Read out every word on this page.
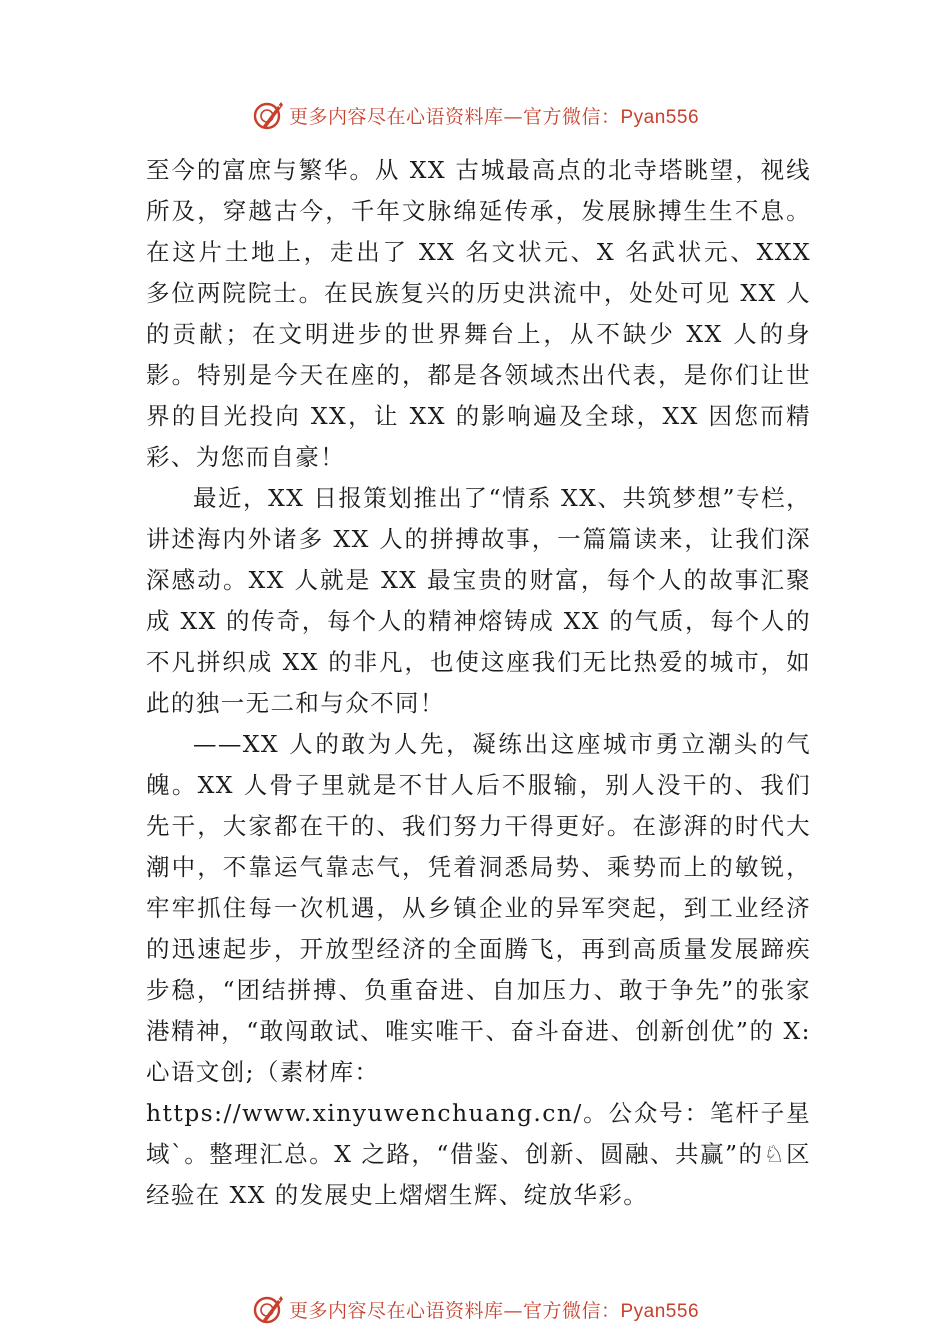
更多内容尽在心语资料库—官方微信：Pyan556

至今的富庶与繁华。从 XX 古城最高点的北寺塔眺望，视线所及，穿越古今，千年文脉绵延传承，发展脉搏生生不息。 在这片土地上，走出了 XX 名文状元、X 名武状元、XXX 多位两院院士。在民族复兴的历史洪流中，处处可见 XX 人的贡献；在文明进步的世界舞台上，从不缺少 XX 人的身影。特别是今天在座的，都是各领域杰出代表，是你们让世界的目光投向 XX，让 XX 的影响遍及全球，XX 因您而精彩、为您而自豪！

最近，XX 日报策划推出了“情系 XX、共筑梦想”专栏，讲述海内外诸多 XX 人的拼搏故事，一篇篇读来，让我们深深感动。XX 人就是 XX 最宝贵的财富，每个人的故事汇聚成 XX 的传奇，每个人的精神熔铸成 XX 的气质，每个人的不凡拼织成 XX 的非凡，也使这座我们无比热爱的城市，如此的独一无二和与众不同！

——XX 人的敢为人先，凝练出这座城市勇立潮头的气魄。XX 人骨子里就是不甘人后不服输，别人没干的、我们先干，大家都在干的、我们努力干得更好。在澎湃的时代大潮中，不靠运气靠志气，凭着洞悉局势、乘势而上的敏锐，牢牢抓住每一次机遇，从乡镇企业的异军突起，到工业经济的迅速起步，开放型经济的全面腾飞，再到高质量发展蹄疾步稳，“团结拼搏、负重奋进、自加压力、敢于争先”的张家港精神，“敢闯敢试、唯实唯干、奋斗奋进、创新创优”的 X:心语文创;（素材库：

https://www.xinyuwenchuang.cn/。公众号：笔杆子星域`。整理汇总。X 之路，“借鉴、创新、圆融、共赢”的♘区经验在 XX 的发展史上熠熠生辉、绽放华彩。

更多内容尽在心语资料库—官方微信：Pyan556
